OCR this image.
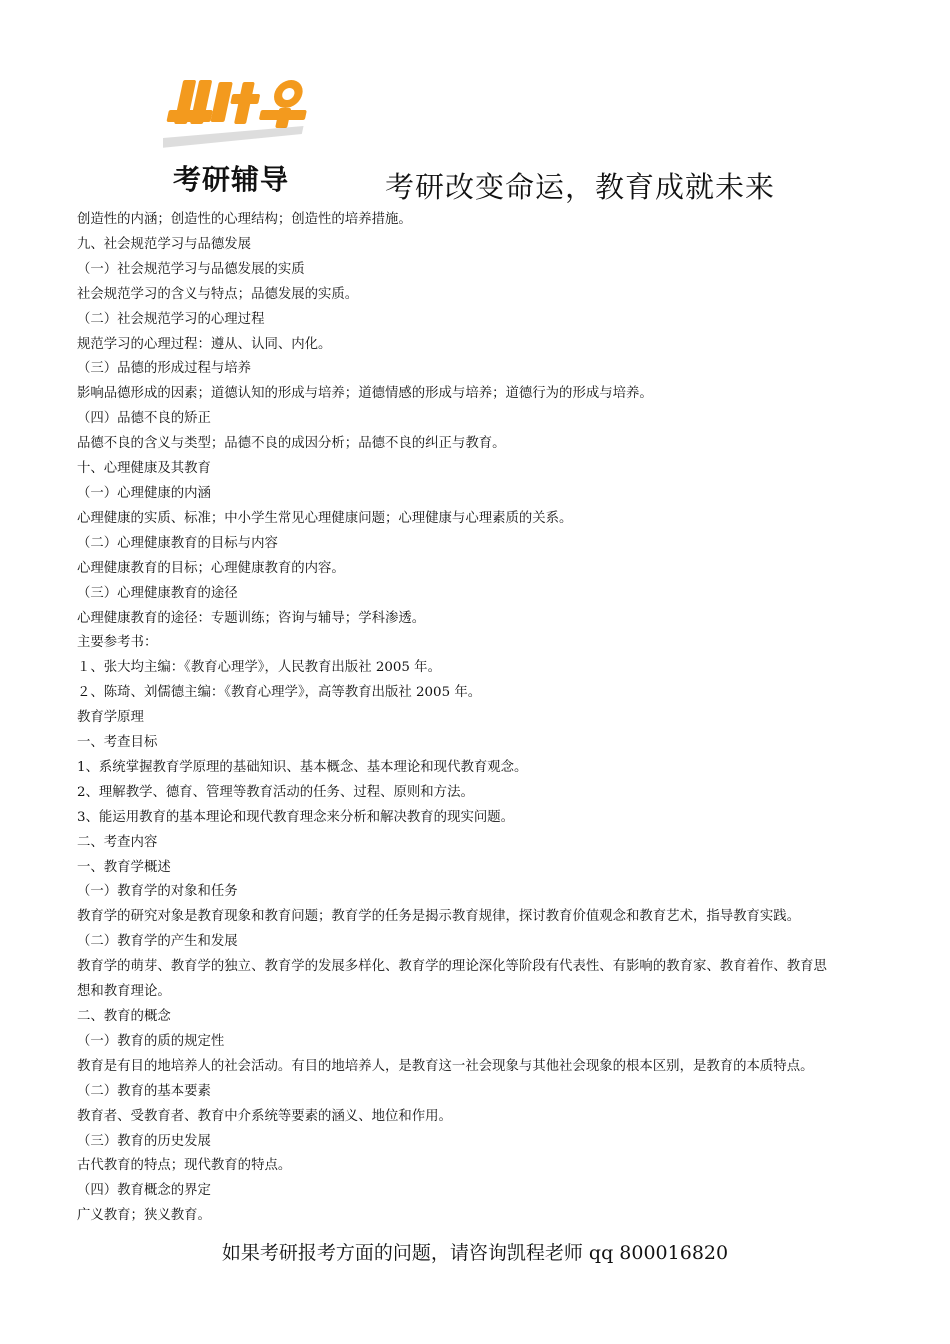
考研辅导	考研改变命运，教育成就未来
创造性的内涵；创造性的心理结构；创造性的培养措施。
九、社会规范学习与品德发展
（一）社会规范学习与品德发展的实质
社会规范学习的含义与特点；品德发展的实质。
（二）社会规范学习的心理过程
规范学习的心理过程：遵从、认同、内化。
（三）品德的形成过程与培养
影响品德形成的因素；道德认知的形成与培养；道德情感的形成与培养；道德行为的形成与培养。
（四）品德不良的矫正
品德不良的含义与类型；品德不良的成因分析；品德不良的纠正与教育。
十、心理健康及其教育
（一）心理健康的内涵
心理健康的实质、标准；中小学生常见心理健康问题；心理健康与心理素质的关系。
（二）心理健康教育的目标与内容
心理健康教育的目标；心理健康教育的内容。
（三）心理健康教育的途径
心理健康教育的途径：专题训练；咨询与辅导；学科渗透。
主要参考书：
１、张大均主编：《教育心理学》，人民教育出版社 2005 年。
２、陈琦、刘儒德主编：《教育心理学》，高等教育出版社 2005 年。
教育学原理
一、考查目标
1、系统掌握教育学原理的基础知识、基本概念、基本理论和现代教育观念。
2、理解教学、德育、管理等教育活动的任务、过程、原则和方法。
3、能运用教育的基本理论和现代教育理念来分析和解决教育的现实问题。
二、考查内容
一、教育学概述
（一）教育学的对象和任务
教育学的研究对象是教育现象和教育问题；教育学的任务是揭示教育规律，探讨教育价值观念和教育艺术，指导教育实践。
（二）教育学的产生和发展
教育学的萌芽、教育学的独立、教育学的发展多样化、教育学的理论深化等阶段有代表性、有影响的教育家、教育着作、教育思
想和教育理论。
二、教育的概念
（一）教育的质的规定性
教育是有目的地培养人的社会活动。有目的地培养人，是教育这一社会现象与其他社会现象的根本区别，是教育的本质特点。
（二）教育的基本要素
教育者、受教育者、教育中介系统等要素的涵义、地位和作用。
（三）教育的历史发展
古代教育的特点；现代教育的特点。
（四）教育概念的界定
广义教育；狭义教育。
如果考研报考方面的问题，请咨询凯程老师 qq 800016820
